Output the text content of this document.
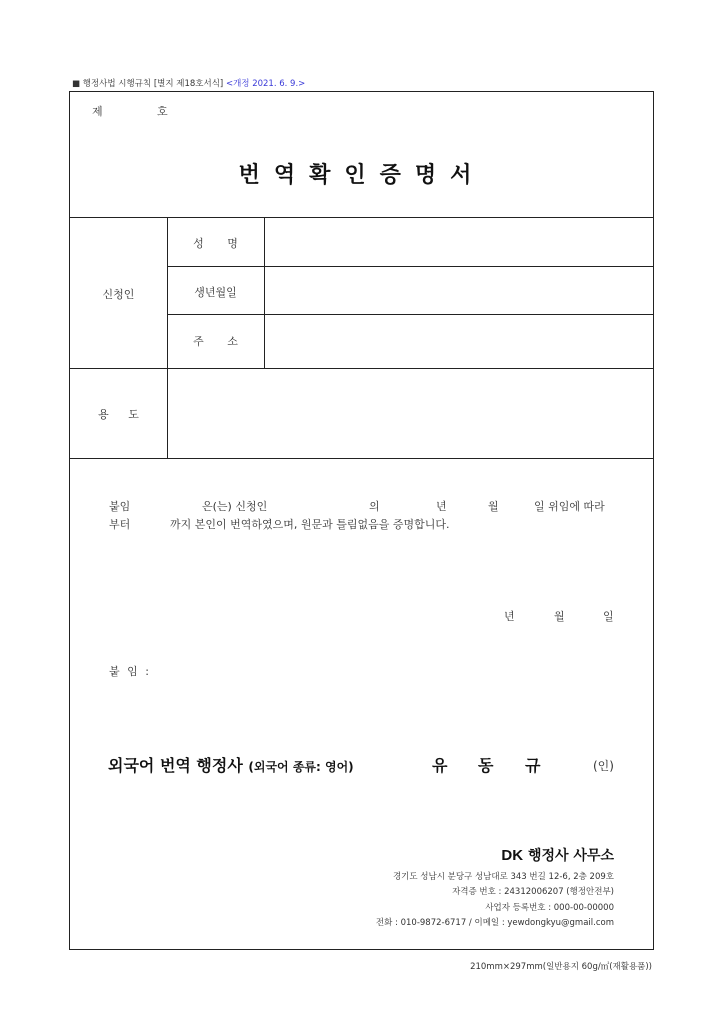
■ 행정사법 시행규칙 [별지 제18호서식] <개정 2021. 6. 9.>
제	호
번역확인증명서
신청인
성 명
생년월일
주 소
용 도
붙임	은(는) 신청인	의	년	월	일 위임에 따라
부터	까지 본인이 번역하였으며, 원문과 틀림없음을 증명합니다.
년	월	일
붙 임 :
외국어 번역 행정사 (외국어 종류: 영어)	유 동 규	(인)
DK 행정사 사무소
경기도 성남시 분당구 성남대로 343 번길 12-6, 2층 209호
자격증 번호 : 24312006207 (행정안전부)
사업자 등록번호 : 000-00-00000
전화 : 010-9872-6717 / 이메일 : yewdongkyu@gmail.com
210mm×297mm(일반용지 60g/㎡(재활용품))
